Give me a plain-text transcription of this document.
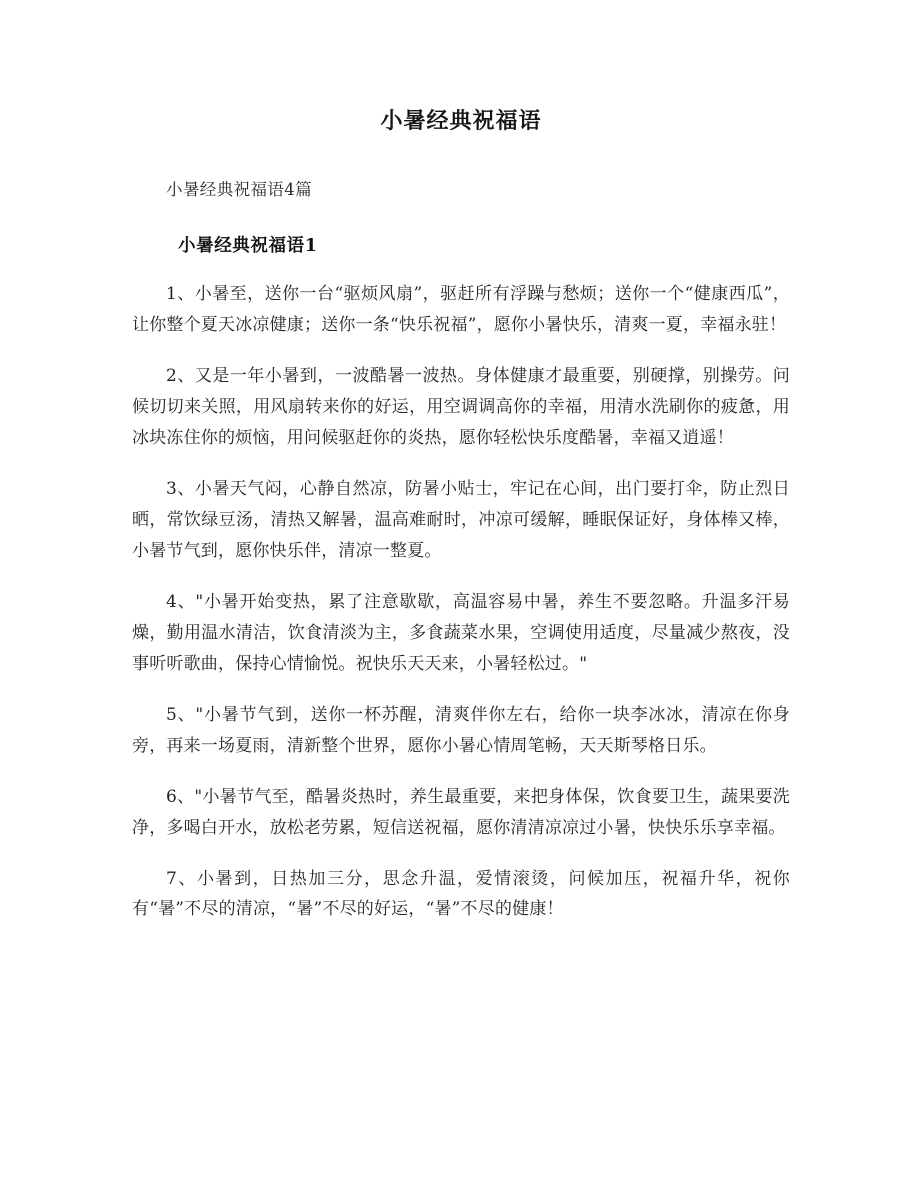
小暑经典祝福语

小暑经典祝福语4篇

小暑经典祝福语1

1、小暑至，送你一台“驱烦风扇”，驱赶所有浮躁与愁烦；送你一个“健康西瓜”，让你整个夏天冰凉健康；送你一条“快乐祝福”，愿你小暑快乐，清爽一夏，幸福永驻！

2、又是一年小暑到，一波酷暑一波热。身体健康才最重要，别硬撑，别操劳。问候切切来关照，用风扇转来你的好运，用空调调高你的幸福，用清水洗刷你的疲惫，用冰块冻住你的烦恼，用问候驱赶你的炎热，愿你轻松快乐度酷暑，幸福又逍遥！

3、小暑天气闷，心静自然凉，防暑小贴士，牢记在心间，出门要打伞，防止烈日晒，常饮绿豆汤，清热又解暑，温高难耐时，冲凉可缓解，睡眠保证好，身体棒又棒，小暑节气到，愿你快乐伴，清凉一整夏。

4、"小暑开始变热，累了注意歇歇，高温容易中暑，养生不要忽略。升温多汗易燥，勤用温水清洁，饮食清淡为主，多食蔬菜水果，空调使用适度，尽量减少熬夜，没事听听歌曲，保持心情愉悦。祝快乐天天来，小暑轻松过。"

5、"小暑节气到，送你一杯苏醒，清爽伴你左右，给你一块李冰冰，清凉在你身旁，再来一场夏雨，清新整个世界，愿你小暑心情周笔畅，天天斯琴格日乐。

6、"小暑节气至，酷暑炎热时，养生最重要，来把身体保，饮食要卫生，蔬果要洗净，多喝白开水，放松老劳累，短信送祝福，愿你清清凉凉过小暑，快快乐乐享幸福。

7、小暑到，日热加三分，思念升温，爱情滚烫，问候加压，祝福升华，祝你有“暑”不尽的清凉，“暑”不尽的好运，“暑”不尽的健康！
